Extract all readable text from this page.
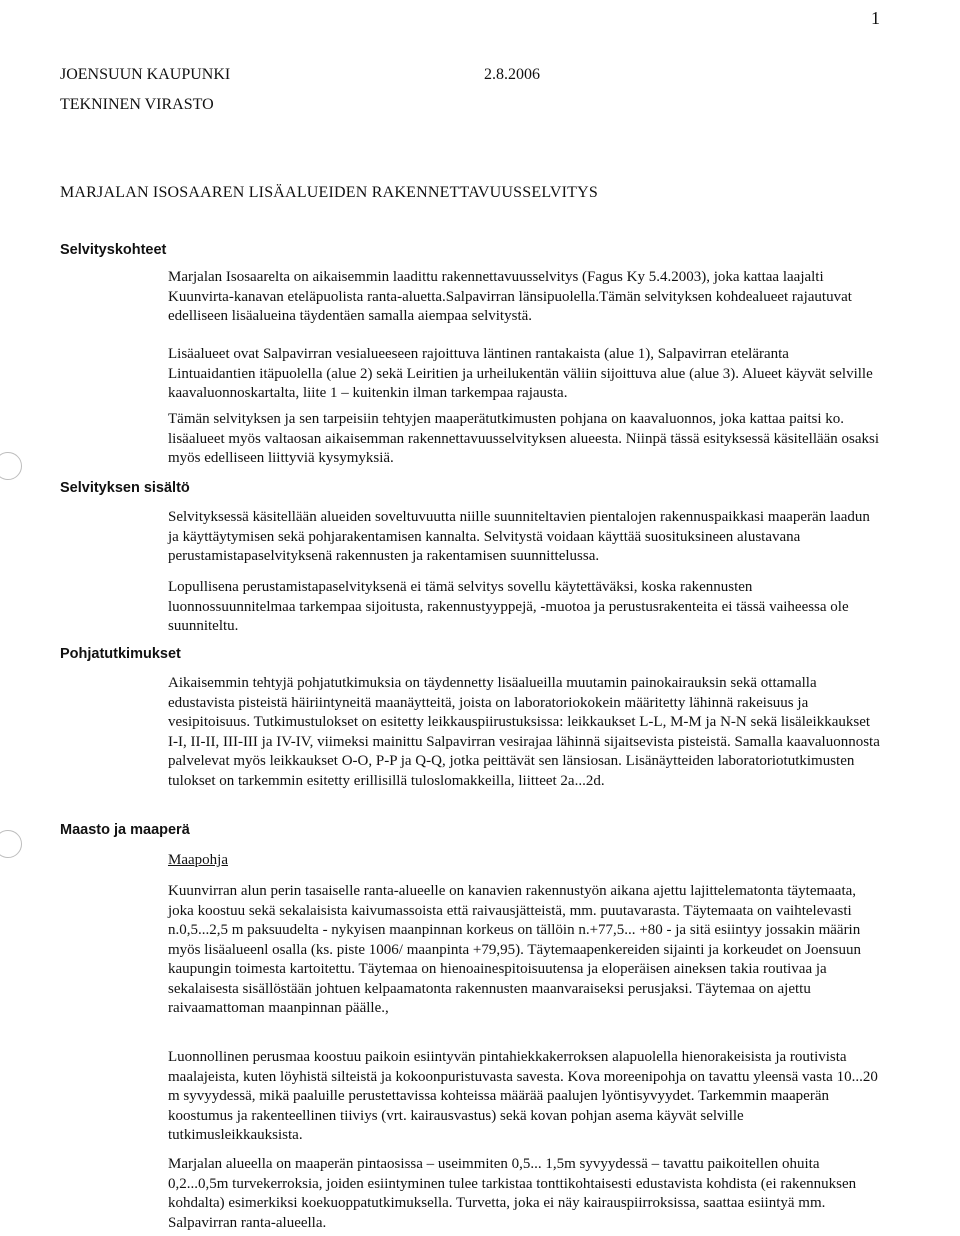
1
JOENSUUN KAUPUNKI
TEKNINEN VIRASTO
2.8.2006
MARJALAN ISOSAAREN LISÄALUEIDEN RAKENNETTAVUUSSELVITYS
Selvityskohteet

Marjalan Isosaarelta on aikaisemmin laadittu rakennettavuusselvitys (Fagus Ky 5.4.2003), joka kattaa laajalti Kuunvirta-kanavan eteläpuolista ranta-aluetta.Salpavirran länsipuolella.Tämän selvityksen kohdealueet rajautuvat edelliseen lisäalueina täydentäen samalla aiempaa selvitystä.

Lisäalueet ovat Salpavirran vesialueeseen rajoittuva läntinen rantakaista (alue 1), Salpavirran eteläranta Lintuaidantien itäpuolella (alue 2) sekä Leiritien ja urheilukentän väliin sijoittuva alue (alue 3). Alueet käyvät selville kaavaluonnoskartalta, liite 1 – kuitenkin ilman tarkempaa rajausta.

Tämän selvityksen ja sen tarpeisiin tehtyjen maaperätutkimusten pohjana on kaavaluonnos, joka kattaa paitsi ko. lisäalueet myös valtaosan aikaisemman rakennettavuusselvityksen alueesta. Niinpä tässä esityksessä käsitellään osaksi myös edelliseen liittyviä kysymyksiä.

Selvityksen sisältö

Selvityksessä käsitellään alueiden soveltuvuutta niille suunniteltavien pientalojen rakennuspaikkasi maaperän laadun ja käyttäytymisen sekä pohjarakentamisen kannalta. Selvitystä voidaan käyttää suosituksineen alustavana perustamistapaselvityksenä rakennusten ja rakentamisen suunnittelussa.

Lopullisena perustamistapaselvityksenä ei tämä selvitys sovellu käytettäväksi, koska rakennusten luonnossuunnitelmaa tarkempaa sijoitusta, rakennustyyppejä, -muotoa ja perustusrakenteita ei tässä vaiheessa ole suunniteltu.

Pohjatutkimukset

Aikaisemmin tehtyjä pohjatutkimuksia on täydennetty lisäalueilla muutamin painokairauksin sekä ottamalla edustavista pisteistä häiriintyneitä maanäytteitä, joista on laboratoriokokein määritetty lähinnä rakeisuus ja vesipitoisuus. Tutkimustulokset on esitetty leikkauspiirustuksissa: leikkaukset L-L, M-M ja N-N sekä lisäleikkaukset I-I, II-II, III-III ja IV-IV, viimeksi mainittu Salpavirran vesirajaa lähinnä sijaitsevista pisteistä. Samalla kaavaluonnosta palvelevat myös leikkaukset O-O, P-P ja Q-Q, jotka peittävät sen länsiosan. Lisänäytteiden laboratoriotutkimusten tulokset on tarkemmin esitetty erillisillä tuloslomakkeilla, liitteet 2a...2d.

Maasto ja maaperä
Maapohja

Kuunvirran alun perin tasaiselle ranta-alueelle on kanavien rakennustyön aikana ajettu lajittelematonta täytemaata, joka koostuu sekä sekalaisista kaivumassoista että raivausjätteistä, mm. puutavarasta. Täytemaata on vaihtelevasti n.0,5...2,5 m paksuudelta - nykyisen maanpinnan korkeus on tällöin n.+77,5... +80 - ja sitä esiintyy jossakin määrin myös lisäalueenl osalla (ks. piste 1006/ maanpinta +79,95). Täytemaapenkereiden sijainti ja korkeudet on Joensuun kaupungin toimesta kartoitettu. Täytemaa on hienoainespitoisuutensa ja eloperäisen aineksen takia routivaa ja sekalaisesta sisällöstään johtuen kelpaamatonta rakennusten maanvaraiseksi perusjaksi. Täytemaa on ajettu raivaamattoman maanpinnan päälle.,

Luonnollinen perusmaa koostuu paikoin esiintyvän pintahiekkakerroksen alapuolella hienorakeisista ja routivista maalajeista, kuten löyhistä silteistä ja kokoonpuristuvasta savesta. Kova moreenipohja on tavattu yleensä vasta 10...20 m syvyydessä, mikä paaluille perustettavissa kohteissa määrää paalujen lyöntisyvyydet. Tarkemmin maaperän koostumus ja rakenteellinen tiiviys (vrt. kairausvastus) sekä kovan pohjan asema käyvät selville tutkimusleikkauksista.

Marjalan alueella on maaperän pintaosissa – useimmiten 0,5... 1,5m syvyydessä – tavattu paikoitellen ohuita 0,2...0,5m turvekerroksia, joiden esiintyminen tulee tarkistaa tonttikohtaisesti edustavista kohdista (ei rakennuksen kohdalta) esimerkiksi koekuoppatutkimuksella. Turvetta, joka ei näy kairauspiirroksissa, saattaa esiintyä mm. Salpavirran ranta-alueella.
